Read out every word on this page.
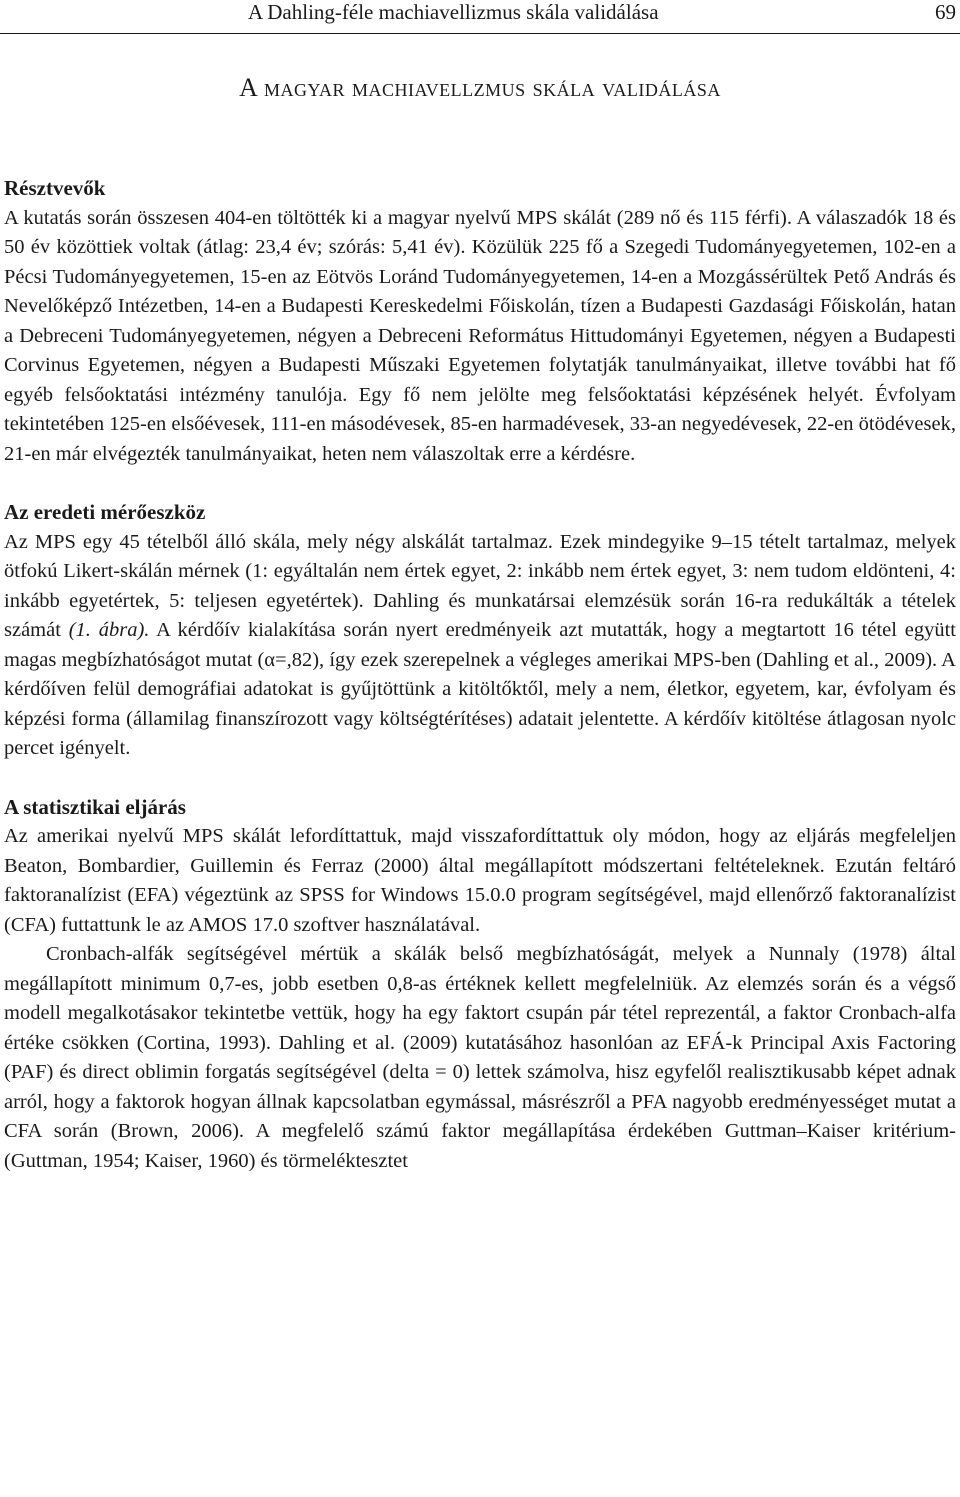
A Dahling-féle machiavellizmus skála validálása	69
A magyar machiavellzmus skála validálása
Résztvevők

A kutatás során összesen 404-en töltötték ki a magyar nyelvű MPS skálát (289 nő és 115 férfi). A válaszadók 18 és 50 év közöttiek voltak (átlag: 23,4 év; szórás: 5,41 év). Közülük 225 fő a Szegedi Tudományegyetemen, 102-en a Pécsi Tudományegyetemen, 15-en az Eötvös Loránd Tudományegyetemen, 14-en a Mozgássérültek Pető András és Nevelőképző Intézetben, 14-en a Budapesti Kereskedelmi Főiskolán, tízen a Budapesti Gazdasági Főiskolán, hatan a Debreceni Tudományegyetemen, négyen a Debreceni Református Hittudományi Egyetemen, négyen a Budapesti Corvinus Egyetemen, négyen a Budapesti Műszaki Egyetemen folytatják tanulmányaikat, illetve további hat fő egyéb felsőoktatási intézmény tanulója. Egy fő nem jelölte meg felsőoktatási képzésének helyét. Évfolyam tekintetében 125-en elsőévesek, 111-en másodévesek, 85-en harmadévesek, 33-an negyedévesek, 22-en ötödévesek, 21-en már elvégezték tanulmányaikat, heten nem válaszoltak erre a kérdésre.

Az eredeti mérőeszköz

Az MPS egy 45 tételből álló skála, mely négy alskálát tartalmaz. Ezek mindegyike 9–15 tételt tartalmaz, melyek ötfokú Likert-skálán mérnek (1: egyáltalán nem értek egyet, 2: inkább nem értek egyet, 3: nem tudom eldönteni, 4: inkább egyetértek, 5: teljesen egyetértek). Dahling és munkatársai elemzésük során 16-ra redukálták a tételek számát (1. ábra). A kérdőív kialakítása során nyert eredményeik azt mutatták, hogy a megtartott 16 tétel együtt magas megbízhatóságot mutat (α=,82), így ezek szerepelnek a végleges amerikai MPS-ben (Dahling et al., 2009). A kérdőíven felül demográfiai adatokat is gyűjtöttünk a kitöltőktől, mely a nem, életkor, egyetem, kar, évfolyam és képzési forma (államilag finanszírozott vagy költségtérítéses) adatait jelentette. A kérdőív kitöltése átlagosan nyolc percet igényelt.

A statisztikai eljárás

Az amerikai nyelvű MPS skálát lefordíttattuk, majd visszafordíttattuk oly módon, hogy az eljárás megfeleljen Beaton, Bombardier, Guillemin és Ferraz (2000) által megállapított módszertani feltételeknek. Ezután feltáró faktoranalízist (EFA) végeztünk az SPSS for Windows 15.0.0 program segítségével, majd ellenőrző faktoranalízist (CFA) futtattunk le az AMOS 17.0 szoftver használatával.

Cronbach-alfák segítségével mértük a skálák belső megbízhatóságát, melyek a Nunnaly (1978) által megállapított minimum 0,7-es, jobb esetben 0,8-as értéknek kellett megfelelniük. Az elemzés során és a végső modell megalkotásakor tekintetbe vettük, hogy ha egy faktort csupán pár tétel reprezentál, a faktor Cronbach-alfa értéke csökken (Cortina, 1993). Dahling et al. (2009) kutatásához hasonlóan az EFÁ-k Principal Axis Factoring (PAF) és direct oblimin forgatás segítségével (delta = 0) lettek számolva, hisz egyfelől realisztikusabb képet adnak arról, hogy a faktorok hogyan állnak kapcsolatban egymással, másrészről a PFA nagyobb eredményességet mutat a CFA során (Brown, 2006). A megfelelő számú faktor megállapítása érdekében Guttman–Kaiser kritérium- (Guttman, 1954; Kaiser, 1960) és törmeléktesztet
